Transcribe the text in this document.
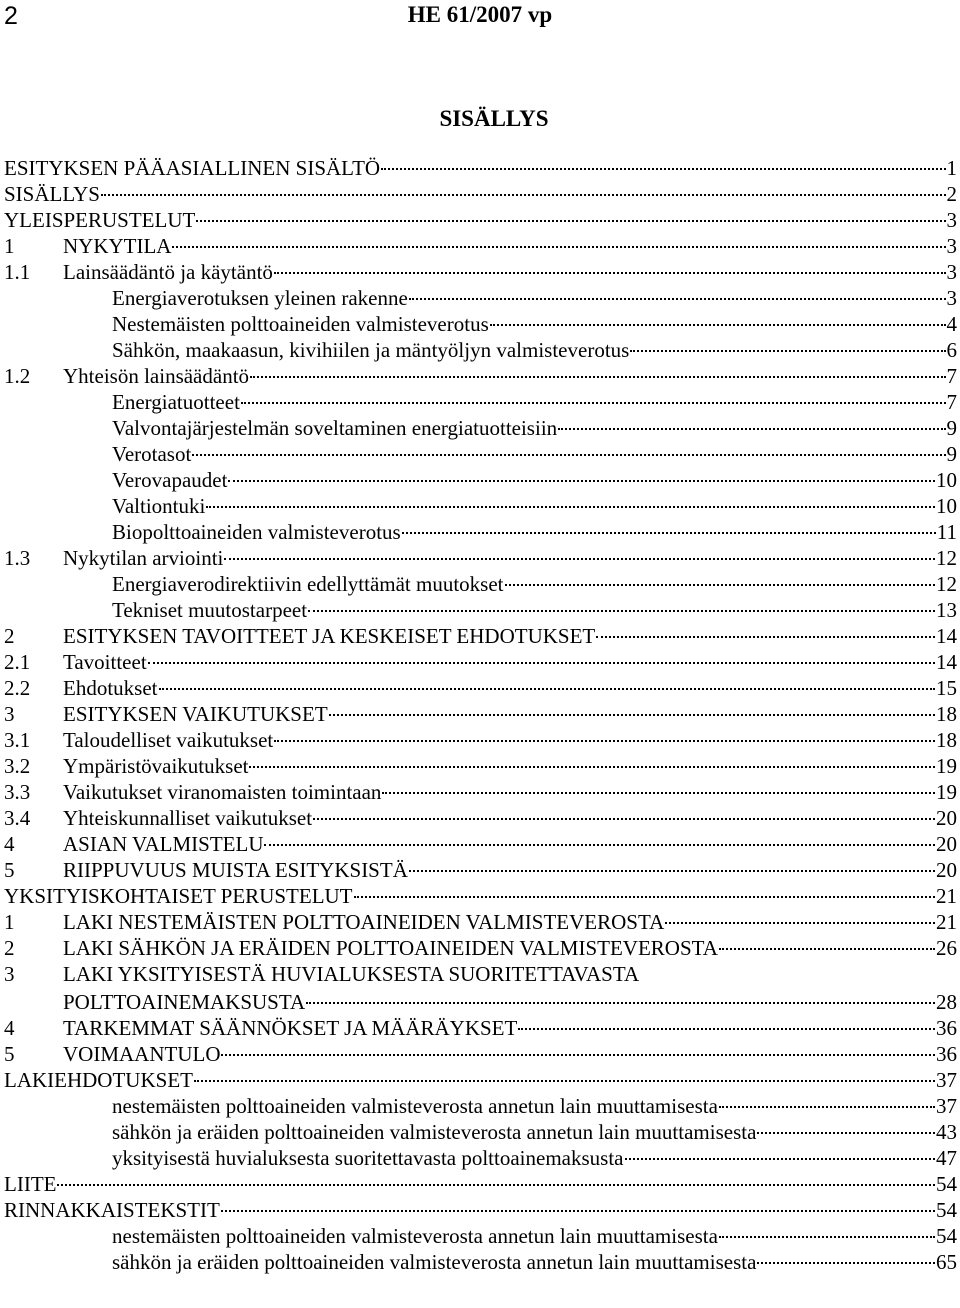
2	HE 61/2007 vp
SISÄLLYS
ESITYKSEN PÄÄASIALLINEN SISÄLTÖ	1
SISÄLLYS	2
YLEISPERUSTELUT	3
1	NYKYTILA	3
1.1	Lainsäädäntö ja käytäntö	3
Energiaverotuksen yleinen rakenne	3
Nestemäisten polttoaineiden valmisteverotus	4
Sähkön, maakaasun, kivihiilen ja mäntyöljyn valmisteverotus	6
1.2	Yhteisön lainsäädäntö	7
Energiatuotteet	7
Valvontajärjestelmän soveltaminen energiatuotteisiin	9
Verotasot	9
Verovapaudet	10
Valtiontuki	10
Biopolttoaineiden valmisteverotus	11
1.3	Nykytilan arviointi	12
Energiaverodirektiivin edellyttämät muutokset	12
Tekniset muutostarpeet	13
2	ESITYKSEN TAVOITTEET JA KESKEISET EHDOTUKSET	14
2.1	Tavoitteet	14
2.2	Ehdotukset	15
3	ESITYKSEN VAIKUTUKSET	18
3.1	Taloudelliset vaikutukset	18
3.2	Ympäristövaikutukset	19
3.3	Vaikutukset viranomaisten toimintaan	19
3.4	Yhteiskunnalliset vaikutukset	20
4	ASIAN VALMISTELU	20
5	RIIPPUVUUS MUISTA ESITYKSISTÄ	20
YKSITYISKOHTAISET PERUSTELUT	21
1	LAKI NESTEMÄISTEN POLTTOAINEIDEN VALMISTEVEROSTA	21
2	LAKI SÄHKÖN JA ERÄIDEN POLTTOAINEIDEN VALMISTEVEROSTA	26
3	LAKI YKSITYISESTÄ HUVIALUKSESTA SUORITETTAVASTA
POLTTOAINEMAKSUSTA	28
4	TARKEMMAT SÄÄNNÖKSET JA MÄÄRÄYKSET	36
5	VOIMAANTULO	36
LAKIEHDOTUKSET	37
nestemäisten polttoaineiden valmisteverosta annetun lain muuttamisesta	37
sähkön ja eräiden polttoaineiden valmisteverosta annetun lain muuttamisesta	43
yksityisestä huvialuksesta suoritettavasta polttoainemaksusta	47
LIITE	54
RINNAKKAISTEKSTIT	54
nestemäisten polttoaineiden valmisteverosta annetun lain muuttamisesta	54
sähkön ja eräiden polttoaineiden valmisteverosta annetun lain muuttamisesta	65
